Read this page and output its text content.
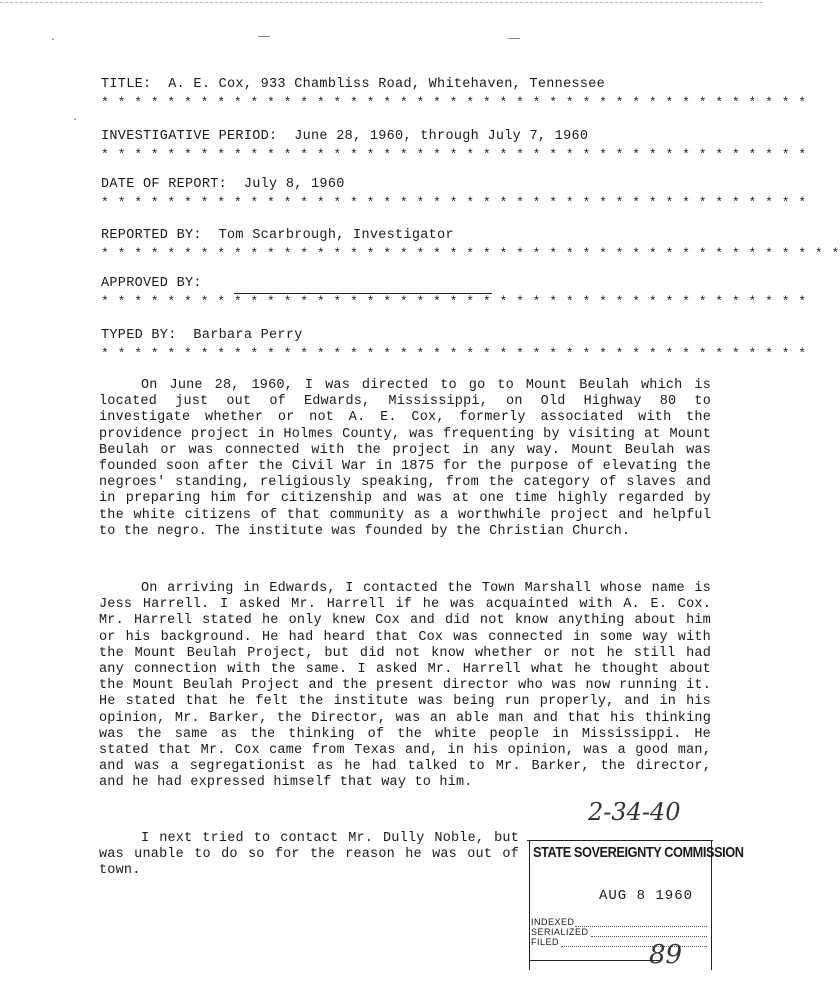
TITLE:  A. E. Cox, 933 Chambliss Road, Whitehaven, Tennessee
* * * * * * * * * * * * * * * * * * * * * * * * * * * * * * * * * * * * * * * * * * *
INVESTIGATIVE PERIOD:  June 28, 1960, through July 7, 1960
* * * * * * * * * * * * * * * * * * * * * * * * * * * * * * * * * * * * * * * * * * *
DATE OF REPORT:  July 8, 1960
* * * * * * * * * * * * * * * * * * * * * * * * * * * * * * * * * * * * * * * * * * *
REPORTED BY:  Tom Scarbrough, Investigator
* * * * * * * * * * * * * * * * * * * * * * * * * * * * * * * * * * * * * * * * * * * * *
APPROVED BY:
* * * * * * * * * * * * * * * * * * * * * * * * * * * * * * * * * * * * * * * * * * *
TYPED BY:  Barbara Perry
* * * * * * * * * * * * * * * * * * * * * * * * * * * * * * * * * * * * * * * * * * *
On June 28, 1960, I was directed to go to Mount Beulah which is located just out of Edwards, Mississippi, on Old Highway 80 to investigate whether or not A. E. Cox, formerly associated with the providence project in Holmes County, was frequenting by visiting at Mount Beulah or was connected with the project in any way. Mount Beulah was founded soon after the Civil War in 1875 for the purpose of elevating the negroes' standing, religiously speaking, from the category of slaves and in preparing him for citizenship and was at one time highly regarded by the white citizens of that community as a worthwhile project and helpful to the negro. The institute was founded by the Christian Church.
On arriving in Edwards, I contacted the Town Marshall whose name is Jess Harrell. I asked Mr. Harrell if he was acquainted with A. E. Cox. Mr. Harrell stated he only knew Cox and did not know anything about him or his background. He had heard that Cox was connected in some way with the Mount Beulah Project, but did not know whether or not he still had any connection with the same. I asked Mr. Harrell what he thought about the Mount Beulah Project and the present director who was now running it. He stated that he felt the institute was being run properly, and in his opinion, Mr. Barker, the Director, was an able man and that his thinking was the same as the thinking of the white people in Mississippi. He stated that Mr. Cox came from Texas and, in his opinion, was a good man, and was a segregationist as he had talked to Mr. Barker, the director, and he had expressed himself that way to him.
I next tried to contact Mr. Dully Noble, but was unable to do so for the reason he was out of town.
2-34-40
STATE SOVEREIGNTY COMMISSION
AUG 8 1960
INDEXED
SERIALIZED
FILED	89
